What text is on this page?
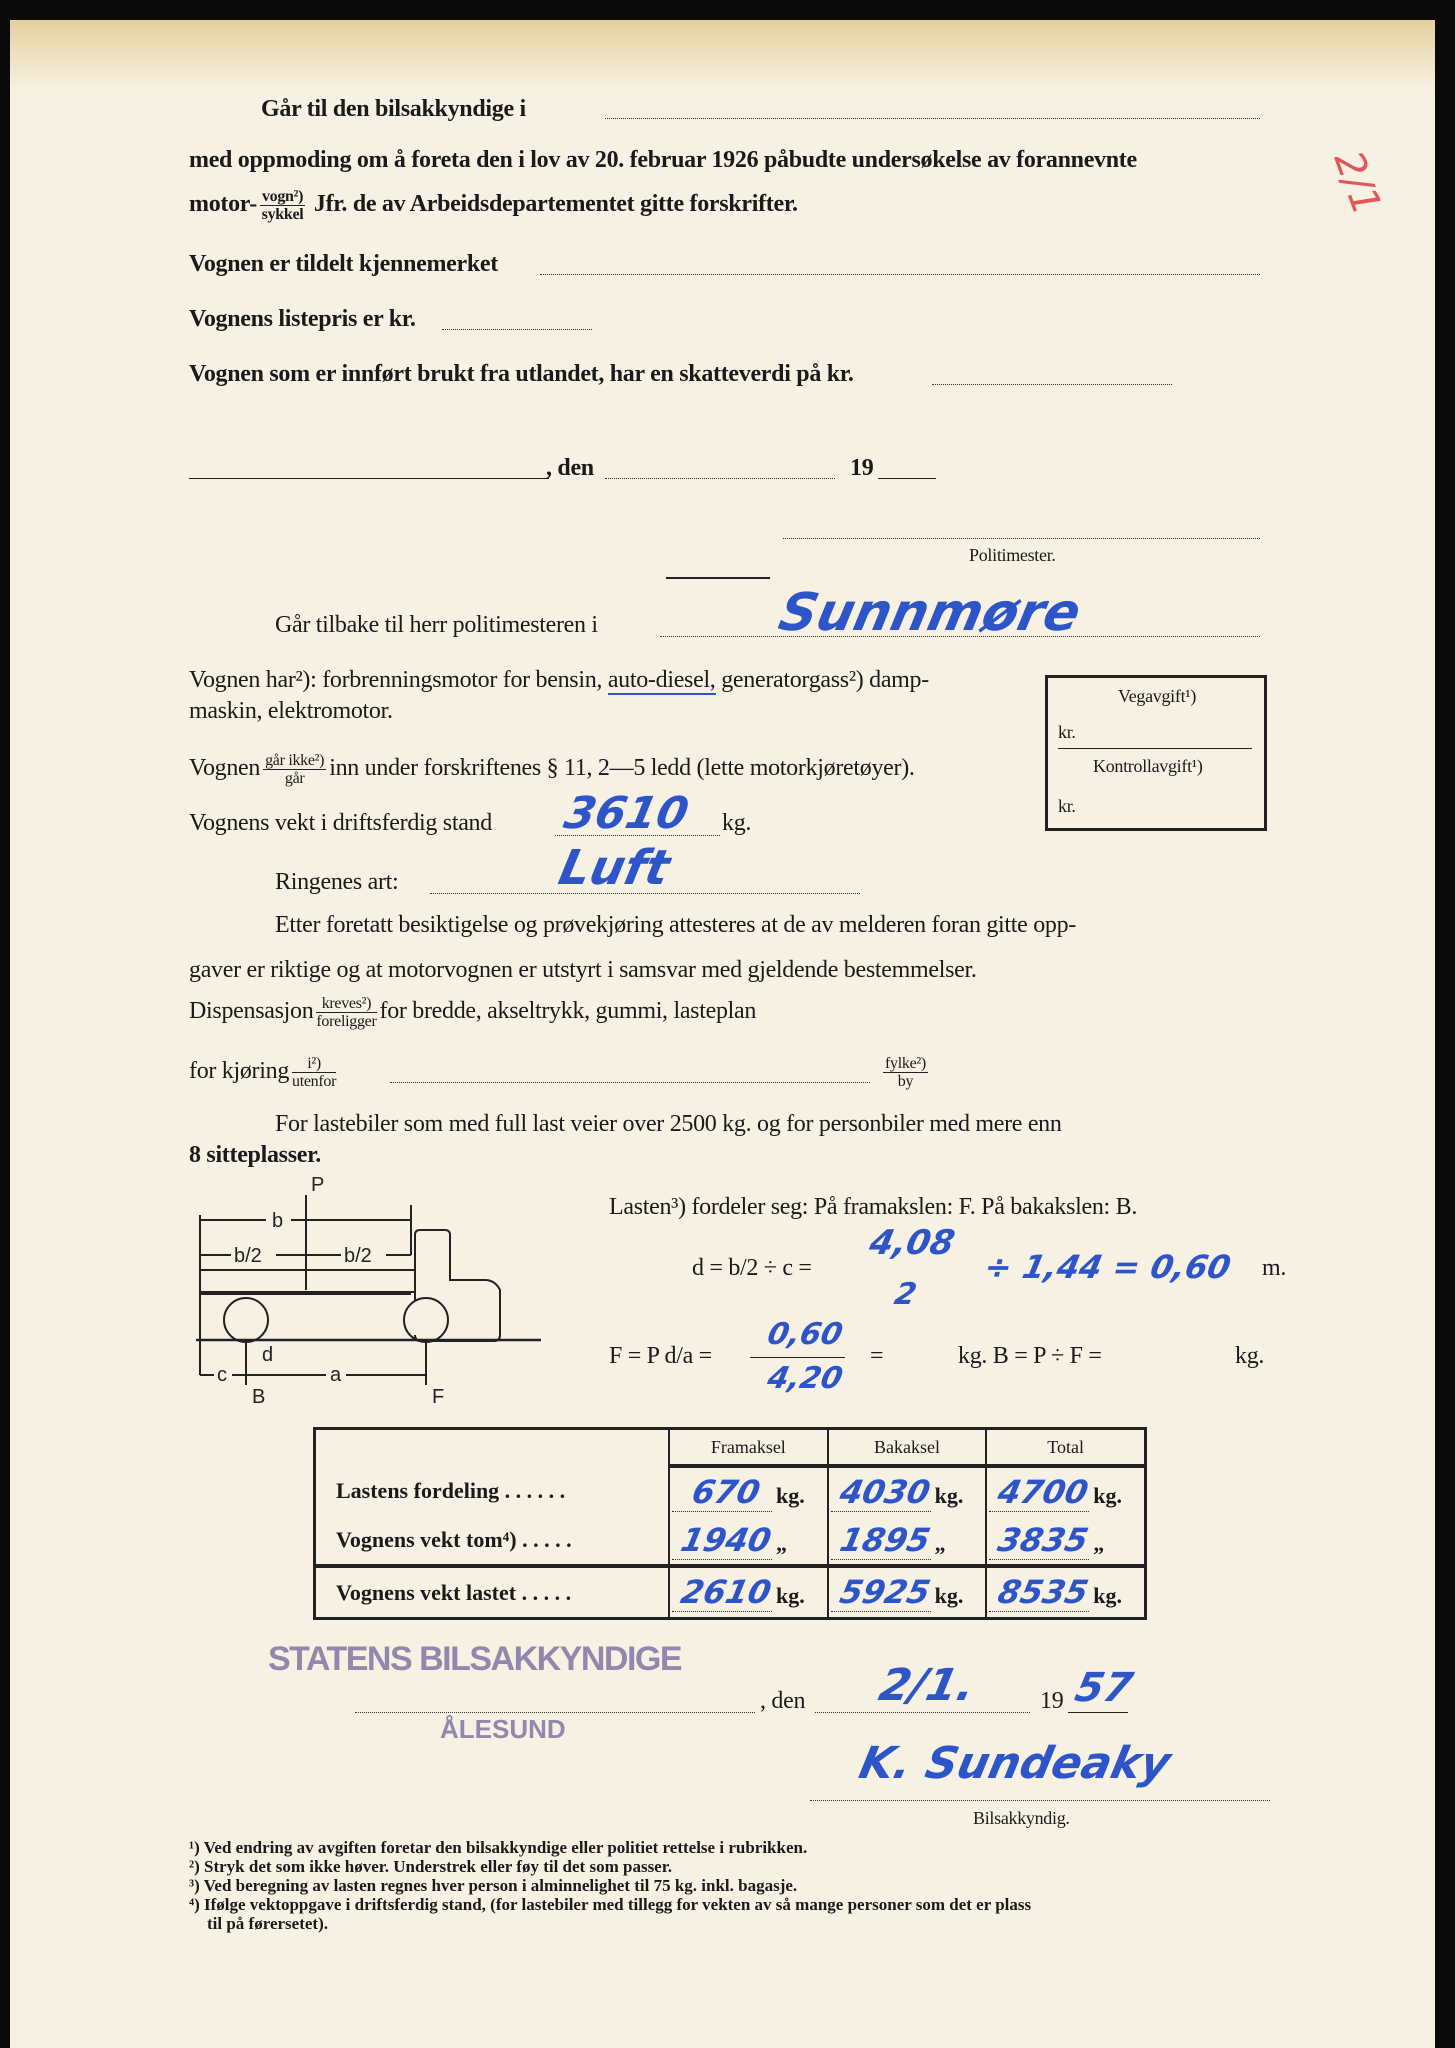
Går til den bilsakkyndige i
med oppmoding om å foreta den i lov av 20. februar 1926 påbudte undersøkelse av forannevnte
motor- $\frac{\text{vogn²)}}{\text{sykkel}}$ Jfr. de av Arbeidsdepartementet gitte forskrifter.
Vognen er tildelt kjennemerket
Vognens listepris er kr.
Vognen som er innført brukt fra utlandet, har en skatteverdi på kr.
, den	19
Politimester.
2/1
Går tilbake til herr politimesteren i	Sunnmøre
Vognen har²): forbrenningsmotor for bensin, auto-diesel, generatorgass²) damp-
maskin, elektromotor.
Vognen $\frac{\text{går ikke²)}}{\text{går}}$ inn under forskriftenes § 11, 2—5 ledd (lette motorkjøretøyer).
Vognens vekt i driftsferdig stand 3610 kg.
Ringenes art:	Luft
Etter foretatt besiktigelse og prøvekjøring attesteres at de av melderen foran gitte opp-
gaver er riktige og at motorvognen er utstyrt i samsvar med gjeldende bestemmelser.
Dispensasjon $\frac{\text{kreves²)}}{\text{foreligger}}$ for bredde, akseltrykk, gummi, lasteplan
for kjøring $\frac{\text{i²)}}{\text{utenfor}}$	$\frac{\text{fylke²)}}{by}$
For lastebiler som med full last veier over 2500 kg. og for personbiler med mere enn
8 sitteplasser.
Vegavgift¹)
kr.
Kontrollavgift¹)
kr.
P
b
b/2	b/2
d
c	a
B	F
Lasten³) fordeler seg: På framakslen: F. På bakakslen: B.
d = b/2 ÷ c =
4,08
2
÷ 1,44 = 0,60 m.
F = P d/a =
0,60
4,20
=	kg. B = P ÷ F =	kg.
	Framaksel	Bakaksel	Total
Lastens fordeling . . . . . .	670 kg.	4030kg.	4700kg.
Vognens vekt tom⁴) . . . . .	1940„	1895„	3835„
Vognens vekt lastet . . . . .	2610kg.	5925kg.	8535kg.
STATENS BILSAKKYNDIGE
ÅLESUND
, den 2/1.	19 57
K. Sundeaky
Bilsakkyndig.
¹) Ved endring av avgiften foretar den bilsakkyndige eller politiet rettelse i rubrikken.
²) Stryk det som ikke høver. Understrek eller føy til det som passer.
³) Ved beregning av lasten regnes hver person i alminnelighet til 75 kg. inkl. bagasje.
⁴) Ifølge vektoppgave i driftsferdig stand, (for lastebiler med tillegg for vekten av så mange personer som det er plass
til på førersetet).
